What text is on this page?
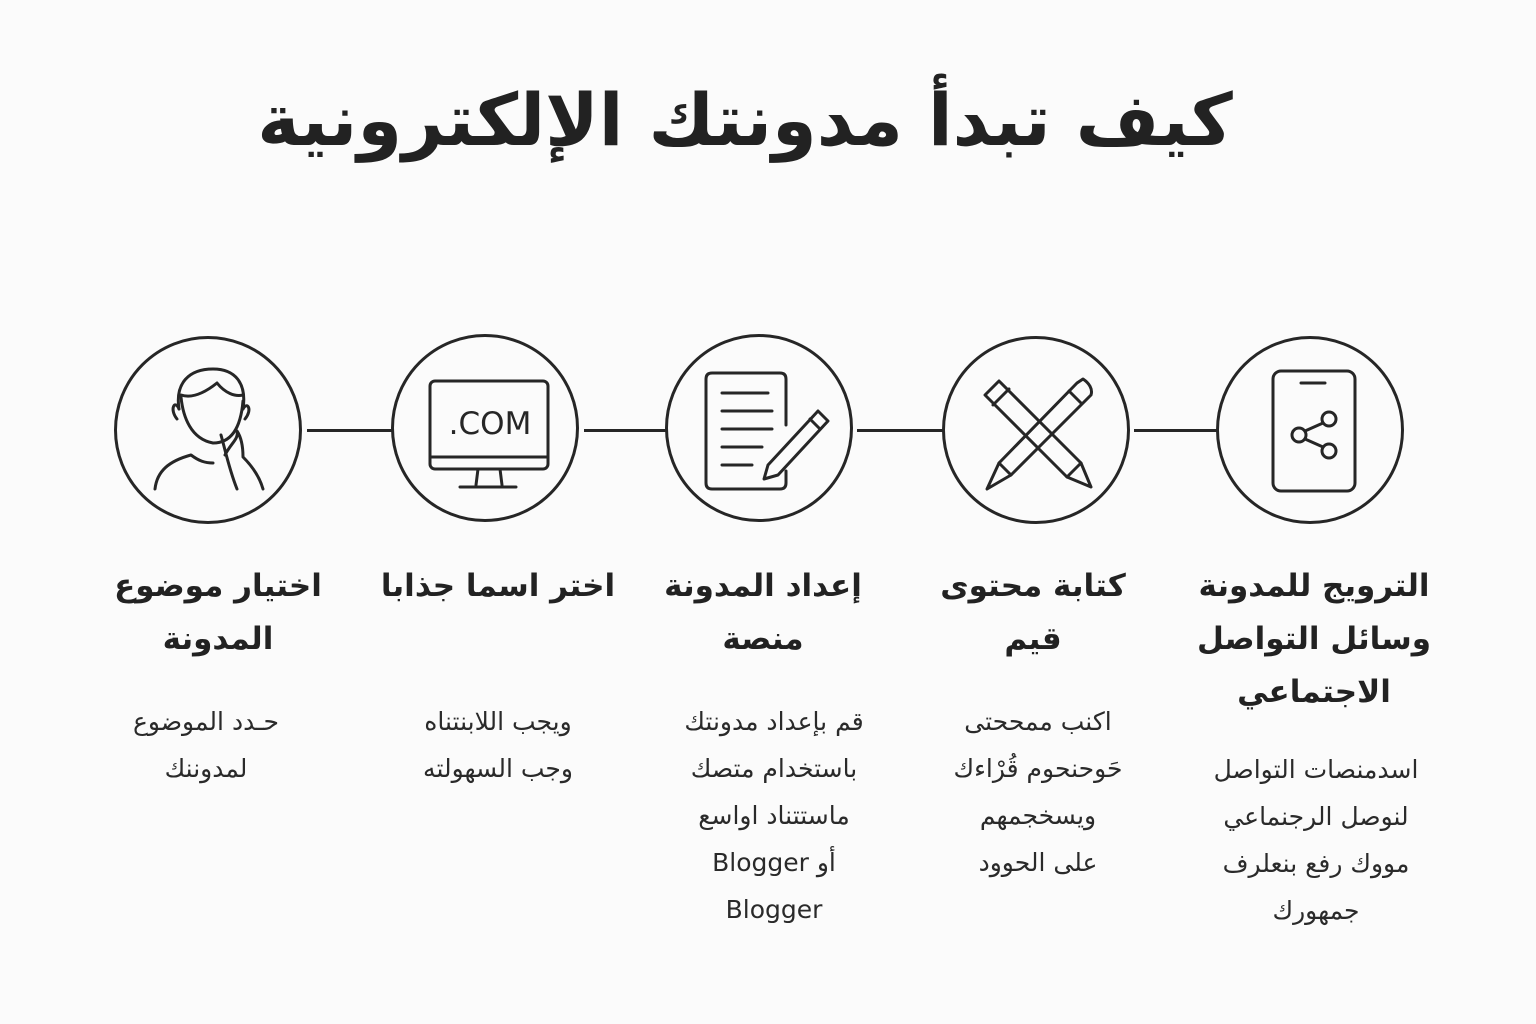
كيف تبدأ مدونتك الإلكترونية
.COM
اختيار موضوع
المدونة
اختر اسما جذابا	إعداد المدونة
منصة
كتابة محتوى
قيم
الترويج للمدونة
وسائل التواصل
الاجتماعي
حـدد الموضوع
لمدوننك
ويجب اللابنتناه
وجب السهولته
قم بإعداد مدونتك
باستخدام متصك
ماستتناد اواسع
أو Blogger
Blogger
اكنب ممححتى
حَوحنحوم قُرْاءك
ويسخجمهم
على الحوود
اسدمنصات التواصل
لنوصل الرجنماعي
مووك رفع بنعلرف
جمهورك
